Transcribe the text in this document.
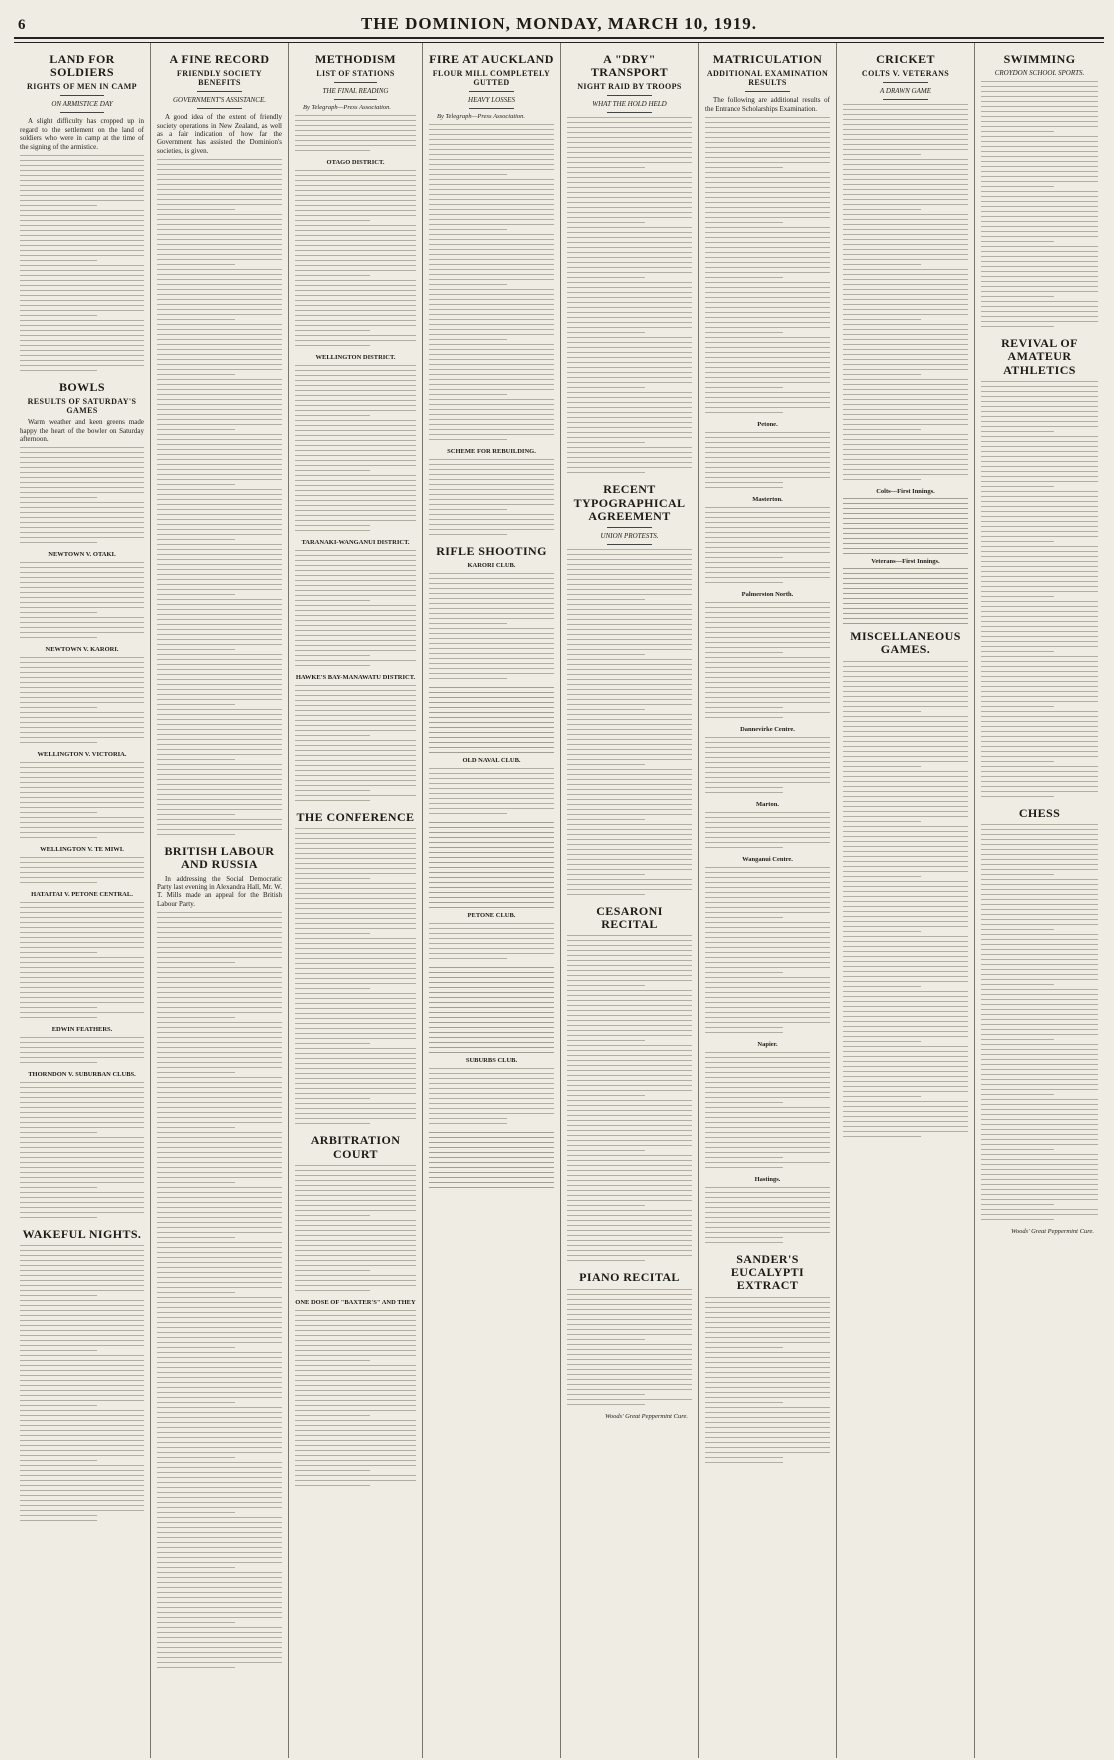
6	THE DOMINION, MONDAY, MARCH 10, 1919.
LAND FOR SOLDIERS
RIGHTS OF MEN IN CAMP
ON ARMISTICE DAY
A slight difficulty has cropped up in regard to the settlement on the land of soldiers who were in camp at the time of the signing of the armistice.
BOWLS
RESULTS OF SATURDAY'S GAMES
Warm weather and keen greens made happy the heart of the bowler on Saturday afternoon.
NEWTOWN V. OTAKI.
NEWTOWN V. KARORI.
WELLINGTON V. VICTORIA.
WELLINGTON V. TE MIWI.
HATAITAI V. PETONE CENTRAL.
EDWIN FEATHERS.
THORNDON V. SUBURBAN CLUBS.
WAKEFUL NIGHTS.
A FINE RECORD
FRIENDLY SOCIETY BENEFITS
GOVERNMENT'S ASSISTANCE.
A good idea of the extent of friendly society operations in New Zealand, as well as a fair indication of how far the Government has assisted the Dominion's societies, is given.
BRITISH LABOUR AND RUSSIA
In addressing the Social Democratic Party last evening in Alexandra Hall, Mr. W. T. Mills made an appeal for the British Labour Party.
METHODISM
LIST OF STATIONS
THE FINAL READING
By Telegraph—Press Association.
OTAGO DISTRICT.
WELLINGTON DISTRICT.
TARANAKI-WANGANUI DISTRICT.
HAWKE'S BAY-MANAWATU DISTRICT.
THE CONFERENCE
ARBITRATION COURT
ONE DOSE OF "BAXTER'S" AND THEY
FIRE AT AUCKLAND
FLOUR MILL COMPLETELY GUTTED
HEAVY LOSSES
By Telegraph—Press Association.
SCHEME FOR REBUILDING.
RIFLE SHOOTING
KARORI CLUB.
OLD NAVAL CLUB.
PETONE CLUB.
SUBURBS CLUB.
A "DRY" TRANSPORT
NIGHT RAID BY TROOPS
WHAT THE HOLD HELD
RECENT TYPOGRAPHICAL AGREEMENT
UNION PROTESTS.
CESARONI RECITAL
PIANO RECITAL
Woods' Great Peppermint Cure.
MATRICULATION
ADDITIONAL EXAMINATION RESULTS
The following are additional results of the Entrance Scholarships Examination.
Petone.
Masterton.
Palmerston North.
Dannevirke Centre.
Marton.
Wanganui Centre.
Napier.
Hastings.
SANDER'S EUCALYPTI EXTRACT
CRICKET
COLTS V. VETERANS
A DRAWN GAME
Colts—First Innings.
Veterans—First Innings.
MISCELLANEOUS GAMES.
SWIMMING
CROYDON SCHOOL SPORTS.
REVIVAL OF AMATEUR ATHLETICS
CHESS
Woods' Great Peppermint Cure.
